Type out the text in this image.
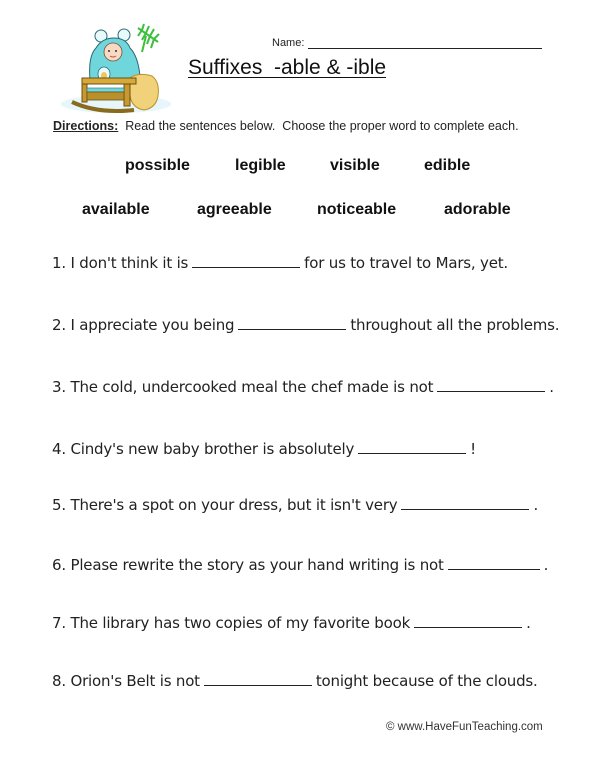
Name:
Suffixes  -able & -ible
Directions:  Read the sentences below.  Choose the proper word to complete each.
possible	legible	visible	edible
available	agreeable	noticeable	adorable
1. I don't think it is	for us to travel to Mars, yet.
2. I appreciate you being	throughout all the problems.
3. The cold, undercooked meal the chef made is not	.
4. Cindy's new baby brother is absolutely	!
5. There's a spot on your dress, but it isn't very	.
6. Please rewrite the story as your hand writing is not	.
7. The library has two copies of my favorite book	.
8. Orion's Belt is not	tonight because of the clouds.
© www.HaveFunTeaching.com
